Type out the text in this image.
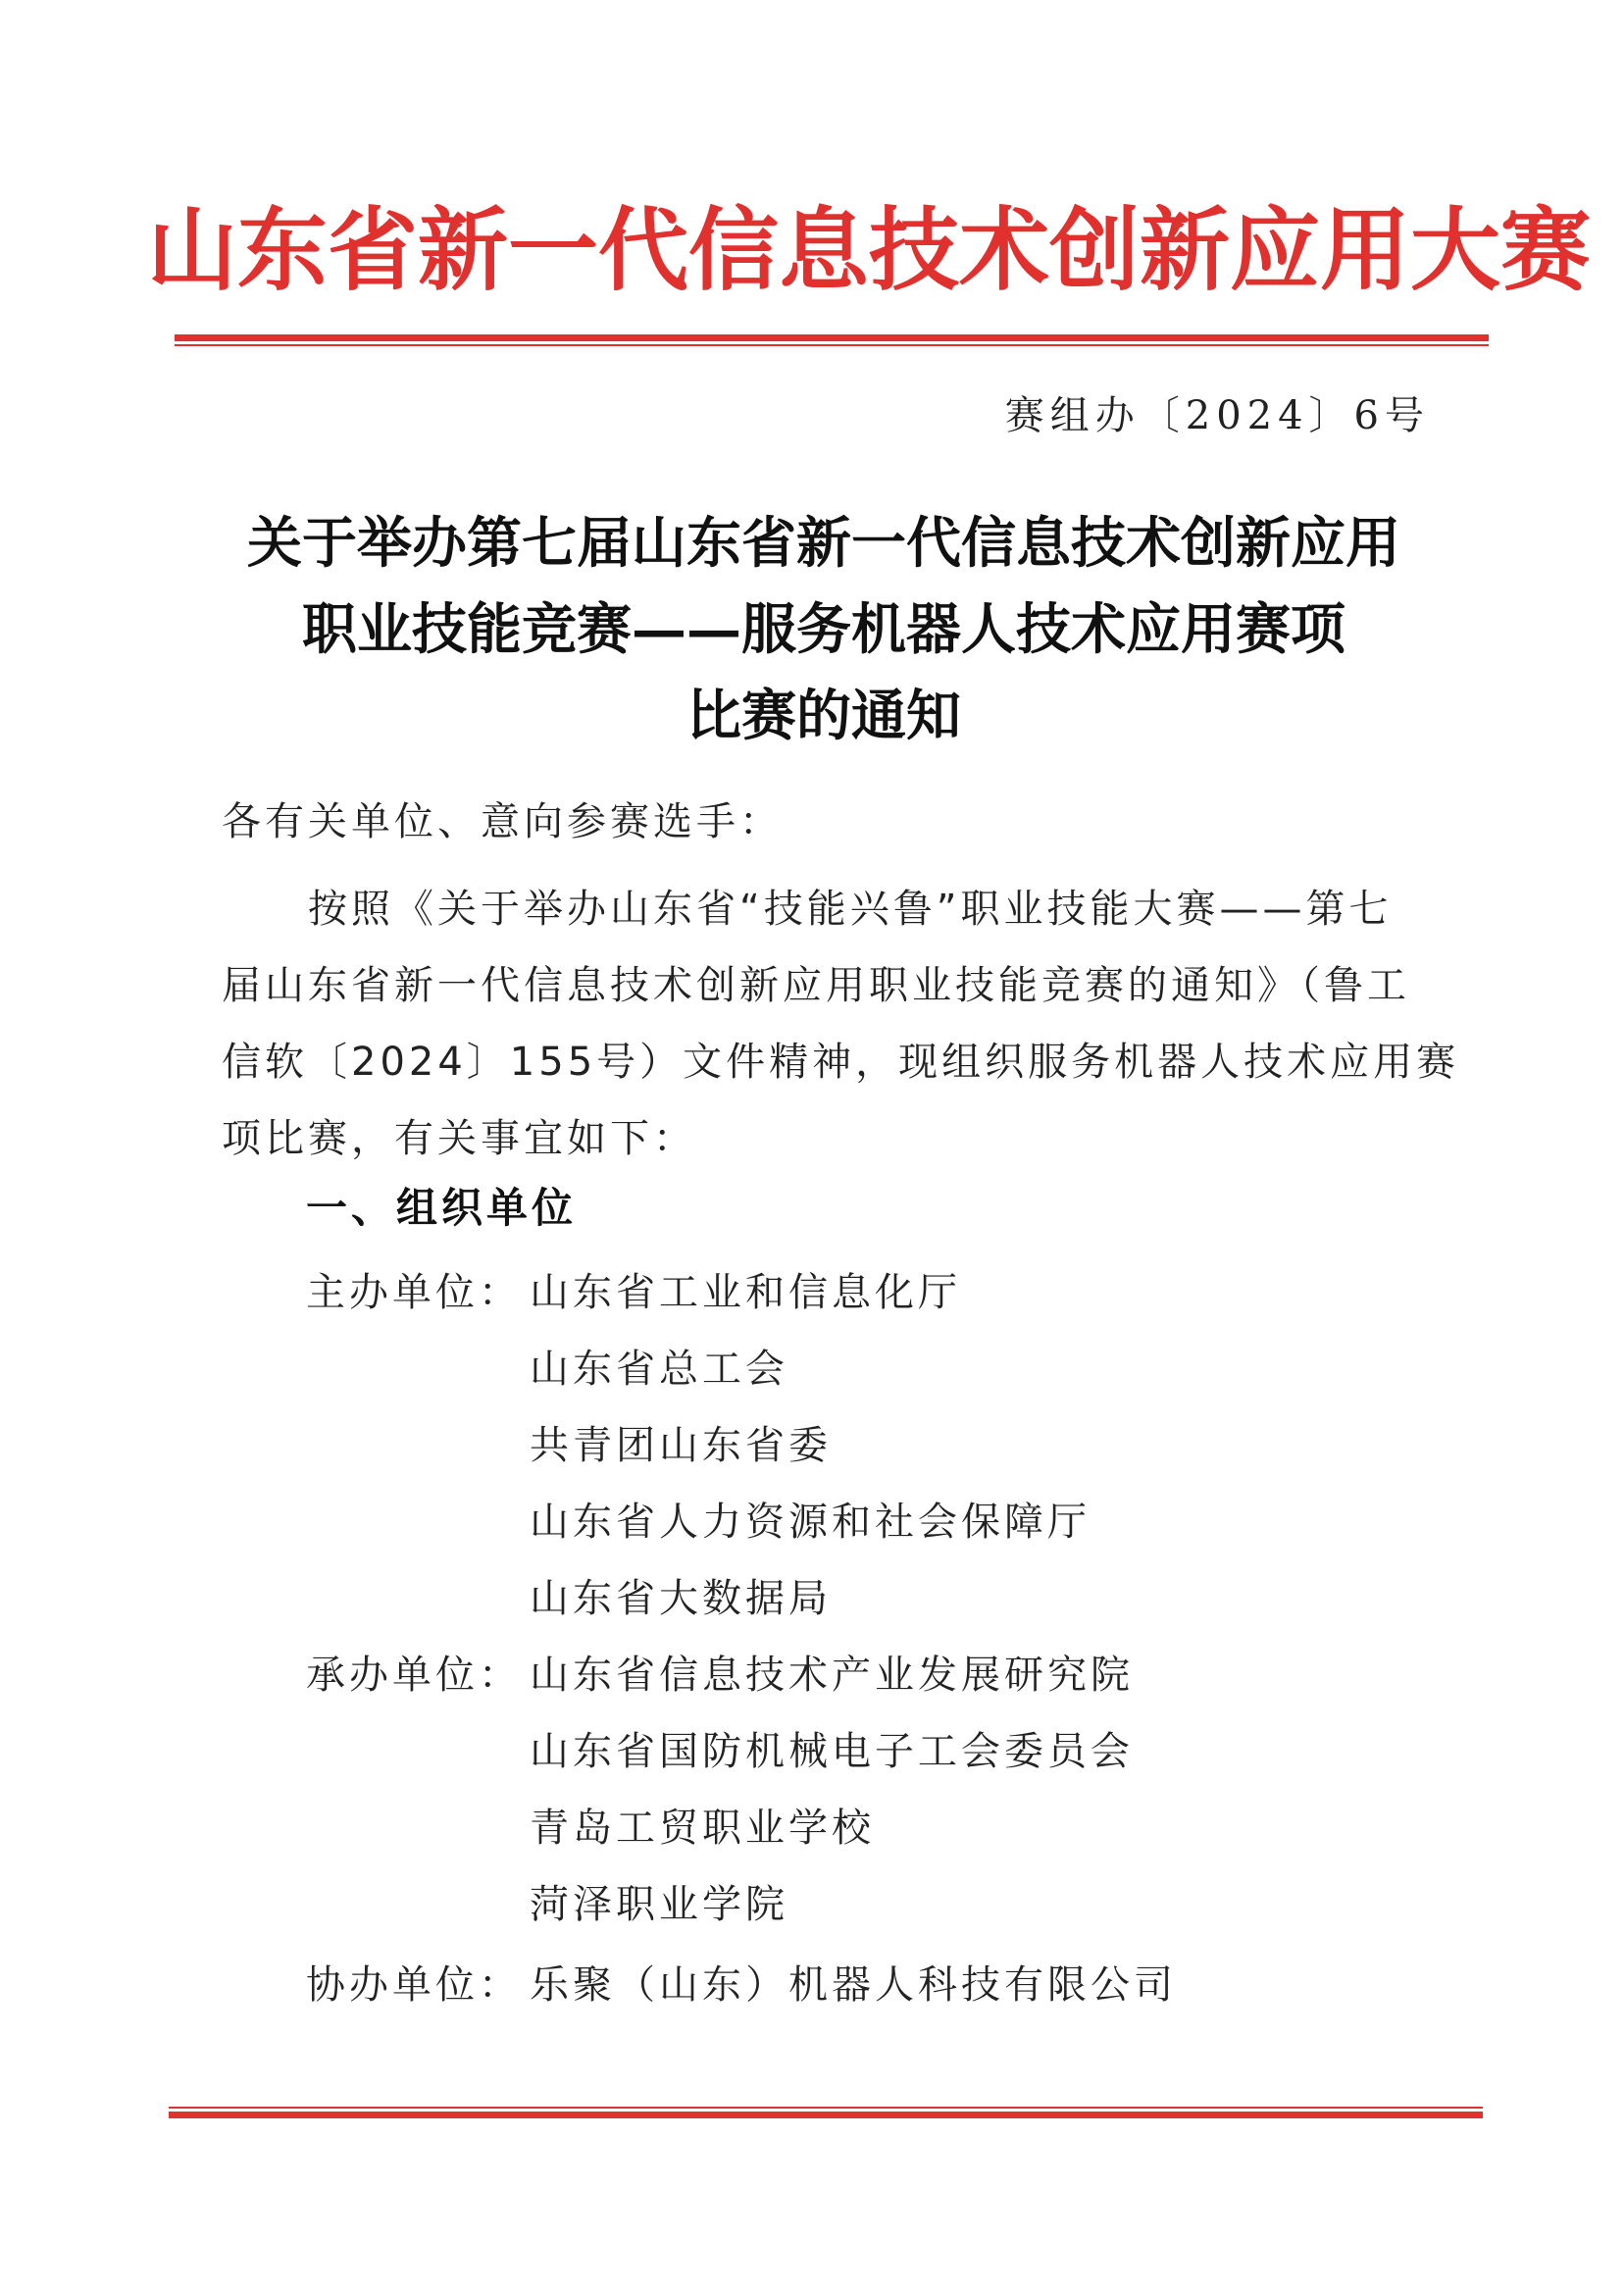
山东省新一代信息技术创新应用大赛
赛组办〔2024〕6号
关于举办第七届山东省新一代信息技术创新应用
职业技能竞赛——服务机器人技术应用赛项
比赛的通知
各有关单位、意向参赛选手：
按照《关于举办山东省“技能兴鲁”职业技能大赛——第七
届山东省新一代信息技术创新应用职业技能竞赛的通知》（鲁工
信软〔2024〕155号）文件精神，现组织服务机器人技术应用赛
项比赛，有关事宜如下：
一、组织单位
主办单位： 山东省工业和信息化厅
山东省总工会
共青团山东省委
山东省人力资源和社会保障厅
山东省大数据局
承办单位： 山东省信息技术产业发展研究院
山东省国防机械电子工会委员会
青岛工贸职业学校
菏泽职业学院
协办单位： 乐聚（山东）机器人科技有限公司
